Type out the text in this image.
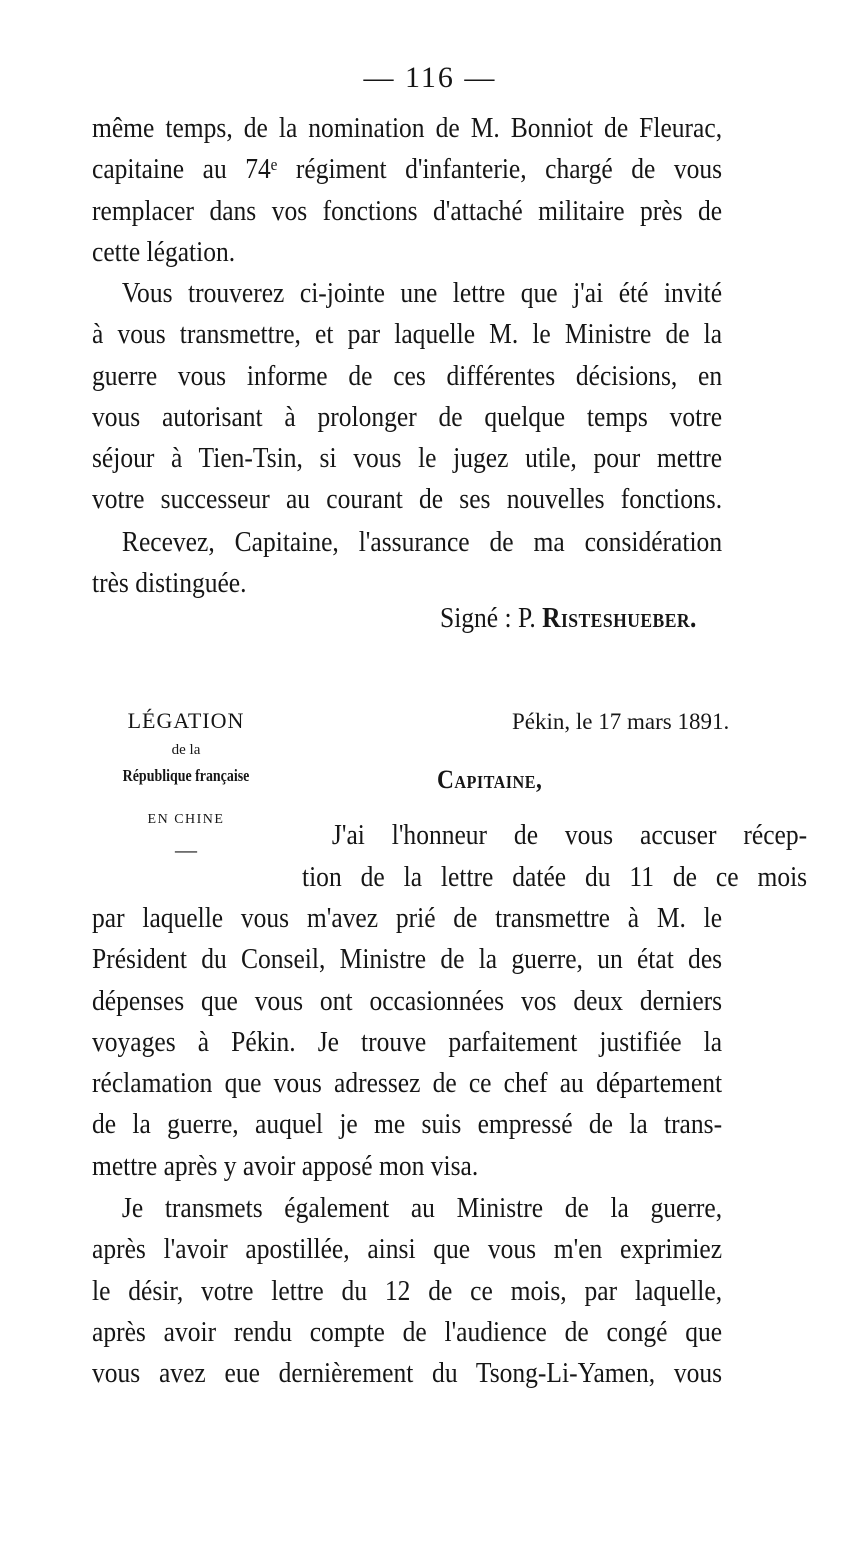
— 116 —
même temps, de la nomination de M. Bonniot de Fleurac,
capitaine au 74ᵉ régiment d'infanterie, chargé de vous
remplacer dans vos fonctions d'attaché militaire près de
cette légation.
Vous trouverez ci-jointe une lettre que j'ai été invité
à vous transmettre, et par laquelle M. le Ministre de la
guerre vous informe de ces différentes décisions, en
vous autorisant à prolonger de quelque temps votre
séjour à Tien-Tsin, si vous le jugez utile, pour mettre
votre successeur au courant de ses nouvelles fonctions.
Recevez, Capitaine, l'assurance de ma considération
très distinguée.
Signé : P. Risteshueber.
LÉGATION
de la
République française
EN CHINE
—
Pékin, le 17 mars 1891.
Capitaine,
J'ai l'honneur de vous accuser récep-
tion de la lettre datée du 11 de ce mois
par laquelle vous m'avez prié de transmettre à M. le
Président du Conseil, Ministre de la guerre, un état des
dépenses que vous ont occasionnées vos deux derniers
voyages à Pékin. Je trouve parfaitement justifiée la
réclamation que vous adressez de ce chef au département
de la guerre, auquel je me suis empressé de la trans-
mettre après y avoir apposé mon visa.
Je transmets également au Ministre de la guerre,
après l'avoir apostillée, ainsi que vous m'en exprimiez
le désir, votre lettre du 12 de ce mois, par laquelle,
après avoir rendu compte de l'audience de congé que
vous avez eue dernièrement du Tsong-Li-Yamen, vous
